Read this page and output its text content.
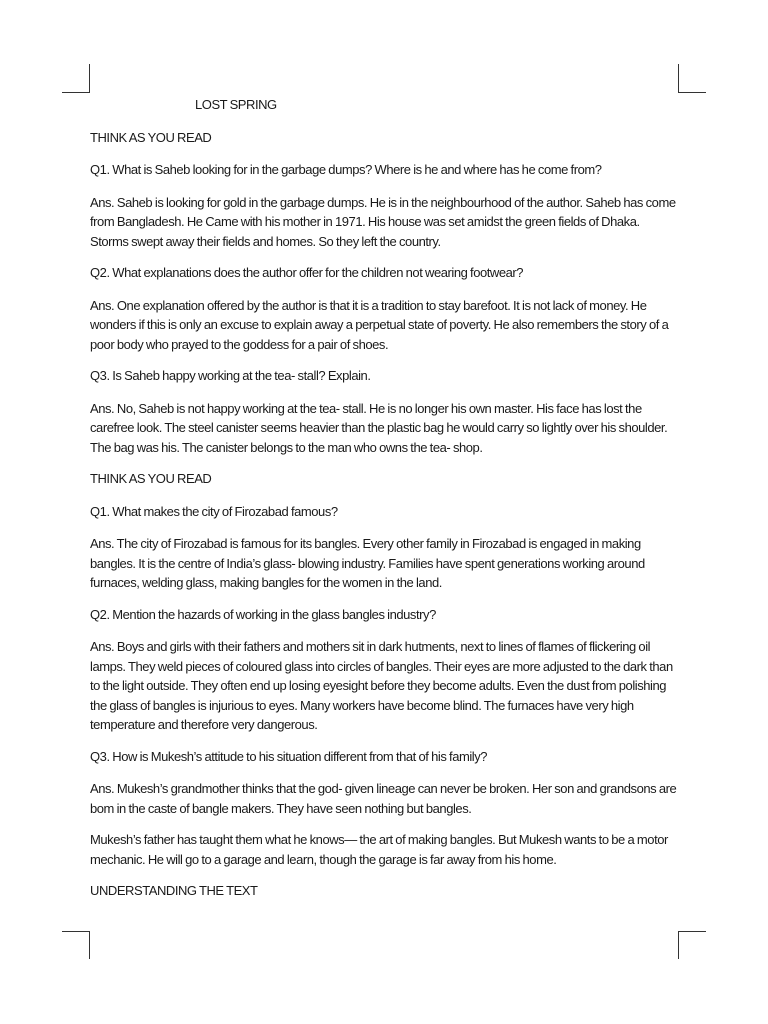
LOST SPRING

THINK AS YOU READ

Q1. What is Saheb looking for in the garbage dumps? Where is he and where has he come from?

Ans. Saheb is looking for gold in the garbage dumps. He is in the neighbourhood of the author. Saheb has come from Bangladesh. He Came with his mother in 1971. His house was set amidst the green fields of Dhaka. Storms swept away their fields and homes. So they left the country.

Q2. What explanations does the author offer for the children not wearing footwear?

Ans. One explanation offered by the author is that it is a tradition to stay barefoot. It is not lack of money. He wonders if this is only an excuse to explain away a perpetual state of poverty. He also remembers the story of a poor body who prayed to the goddess for a pair of shoes.

Q3. Is Saheb happy working at the tea- stall? Explain.

Ans. No, Saheb is not happy working at the tea- stall. He is no longer his own master. His face has lost the carefree look. The steel canister seems heavier than the plastic bag he would carry so lightly over his shoulder. The bag was his. The canister belongs to the man who owns the tea- shop.

THINK AS YOU READ

Q1. What makes the city of Firozabad famous?

Ans. The city of Firozabad is famous for its bangles. Every other family in Firozabad is engaged in making bangles. It is the centre of India’s glass- blowing industry. Families have spent generations working around furnaces, welding glass, making bangles for the women in the land.

Q2. Mention the hazards of working in the glass bangles industry?

Ans. Boys and girls with their fathers and mothers sit in dark hutments, next to lines of flames of flickering oil lamps. They weld pieces of coloured glass into circles of bangles. Their eyes are more adjusted to the dark than to the light outside. They often end up losing eyesight before they become adults. Even the dust from polishing the glass of bangles is injurious to eyes. Many workers have become blind. The furnaces have very high temperature and therefore very dangerous.

Q3. How is Mukesh’s attitude to his situation different from that of his family?

Ans. Mukesh’s grandmother thinks that the god- given lineage can never be broken. Her son and grandsons are bom in the caste of bangle makers. They have seen nothing but bangles.

Mukesh’s father has taught them what he knows— the art of making bangles. But Mukesh wants to be a motor mechanic. He will go to a garage and learn, though the garage is far away from his home.

UNDERSTANDING THE TEXT
